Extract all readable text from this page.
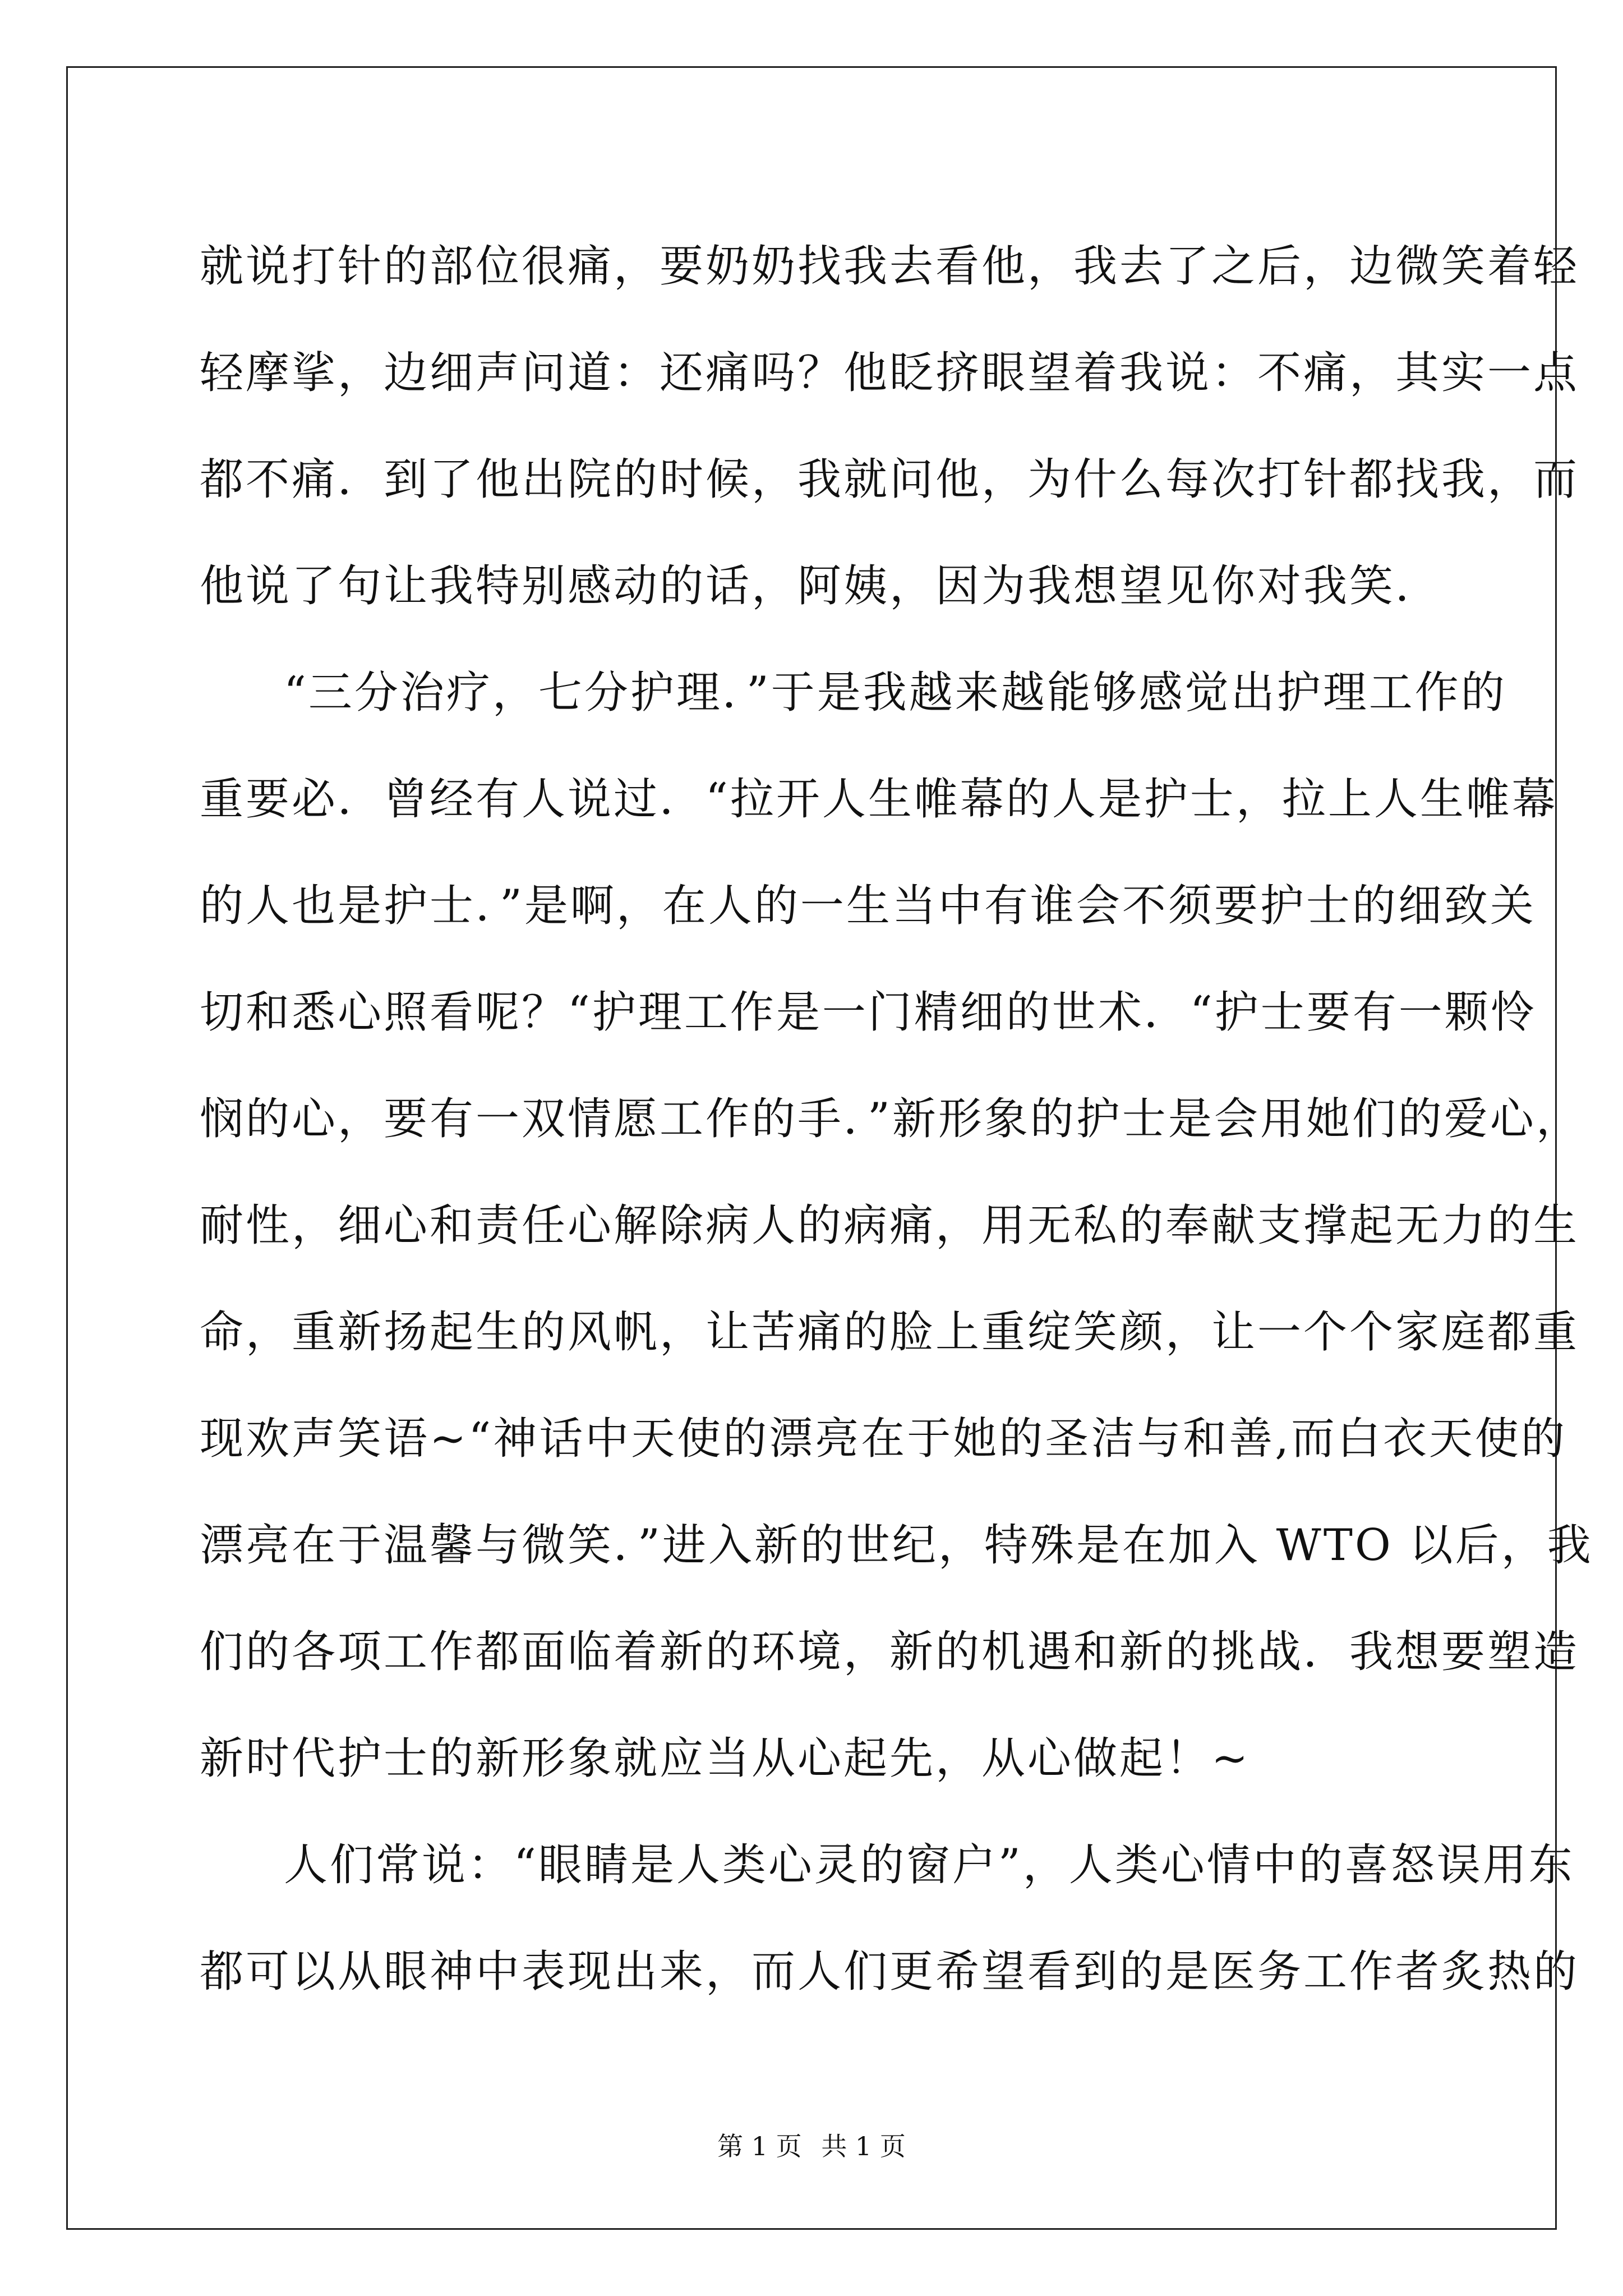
就说打针的部位很痛，要奶奶找我去看他，我去了之后，边微笑着轻
轻摩挲，边细声问道：还痛吗？他眨挤眼望着我说：不痛，其实一点
都不痛．到了他出院的时候，我就问他，为什么每次打针都找我，而
他说了句让我特别感动的话，阿姨，因为我想望见你对我笑．
“三分治疗，七分护理．”于是我越来越能够感觉出护理工作的
重要必．曾经有人说过．“拉开人生帷幕的人是护士，拉上人生帷幕
的人也是护士．”是啊，在人的一生当中有谁会不须要护士的细致关
切和悉心照看呢？“护理工作是一门精细的世术．“护士要有一颗怜
悯的心，要有一双情愿工作的手．”新形象的护士是会用她们的爱心，
耐性，细心和责任心解除病人的病痛，用无私的奉献支撑起无力的生
命，重新扬起生的风帆，让苦痛的脸上重绽笑颜，让一个个家庭都重
现欢声笑语~“神话中天使的漂亮在于她的圣洁与和善,而白衣天使的
漂亮在于温馨与微笑．”进入新的世纪，特殊是在加入 WTO 以后，我
们的各项工作都面临着新的环境，新的机遇和新的挑战．我想要塑造
新时代护士的新形象就应当从心起先，从心做起！~
人们常说：“眼睛是人类心灵的窗户”，人类心情中的喜怒误用东
都可以从眼神中表现出来，而人们更希望看到的是医务工作者炙热的
第 1 页 共 1 页
